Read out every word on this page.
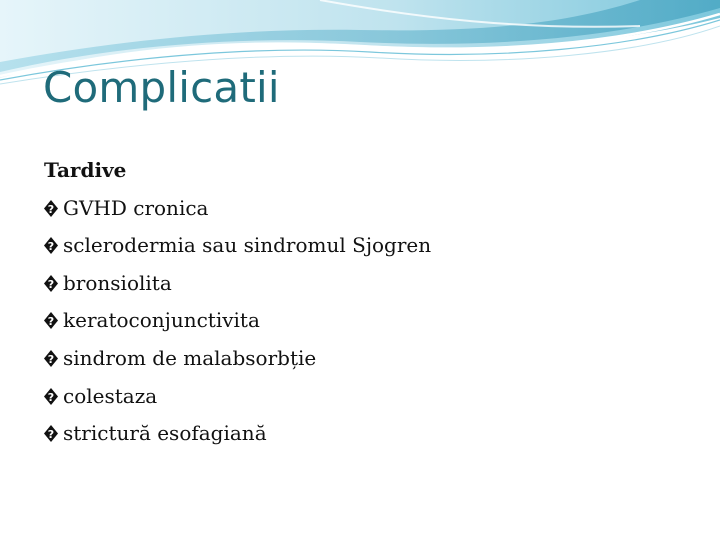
Complicatii
Tardive
? GVHD cronica
? sclerodermia sau sindromul Sjogren
? bronsiolita
? keratoconjunctivita
? sindrom de malabsorbție
? colestaza
? strictură esofagiană
